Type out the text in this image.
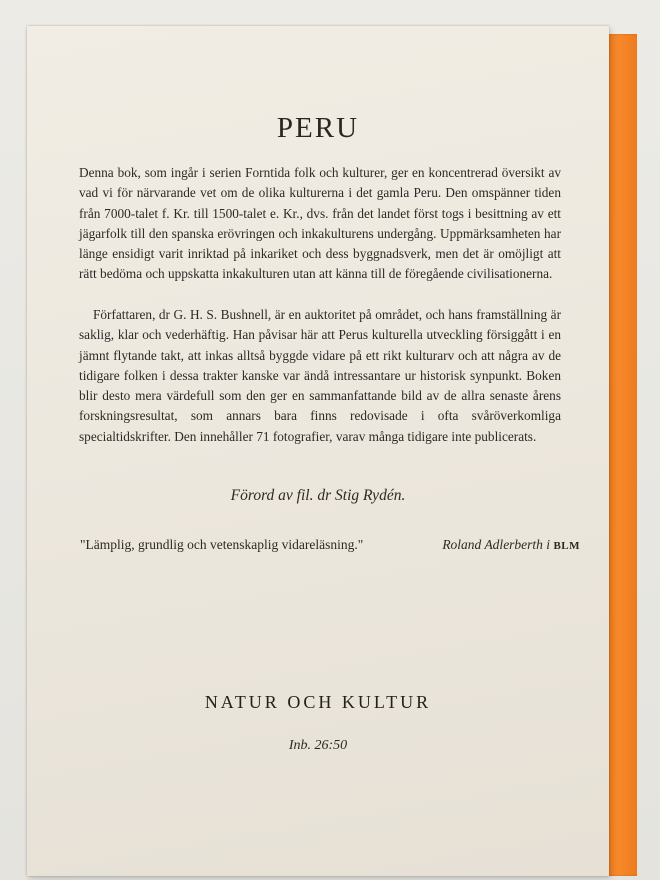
PERU

Denna bok, som ingår i serien Forntida folk och kulturer, ger en koncentrerad översikt av vad vi för närvarande vet om de olika kulturerna i det gamla Peru. Den omspänner tiden från 7000-talet f. Kr. till 1500-talet e. Kr., dvs. från det landet först togs i besittning av ett jägarfolk till den spanska erövringen och inkakulturens undergång. Uppmärksamheten har länge ensidigt varit inriktad på inkariket och dess byggnadsverk, men det är omöjligt att rätt bedöma och uppskatta inkakulturen utan att känna till de föregående civilisationerna.

Författaren, dr G. H. S. Bushnell, är en auktoritet på området, och hans framställning är saklig, klar och vederhäftig. Han påvisar här att Perus kulturella utveckling försiggått i en jämnt flytande takt, att inkas alltså byggde vidare på ett rikt kulturarv och att några av de tidigare folken i dessa trakter kanske var ändå intressantare ur historisk synpunkt. Boken blir desto mera värdefull som den ger en sammanfattande bild av de allra senaste årens forskningsresultat, som annars bara finns redovisade i ofta svåröverkomliga specialtidskrifter. Den innehåller 71 fotografier, varav många tidigare inte publicerats.

Förord av fil. dr Stig Rydén.

"Lämplig, grundlig och vetenskaplig vidareläsning."	Roland Adlerberth i BLM

NATUR OCH KULTUR

Inb. 26:50
